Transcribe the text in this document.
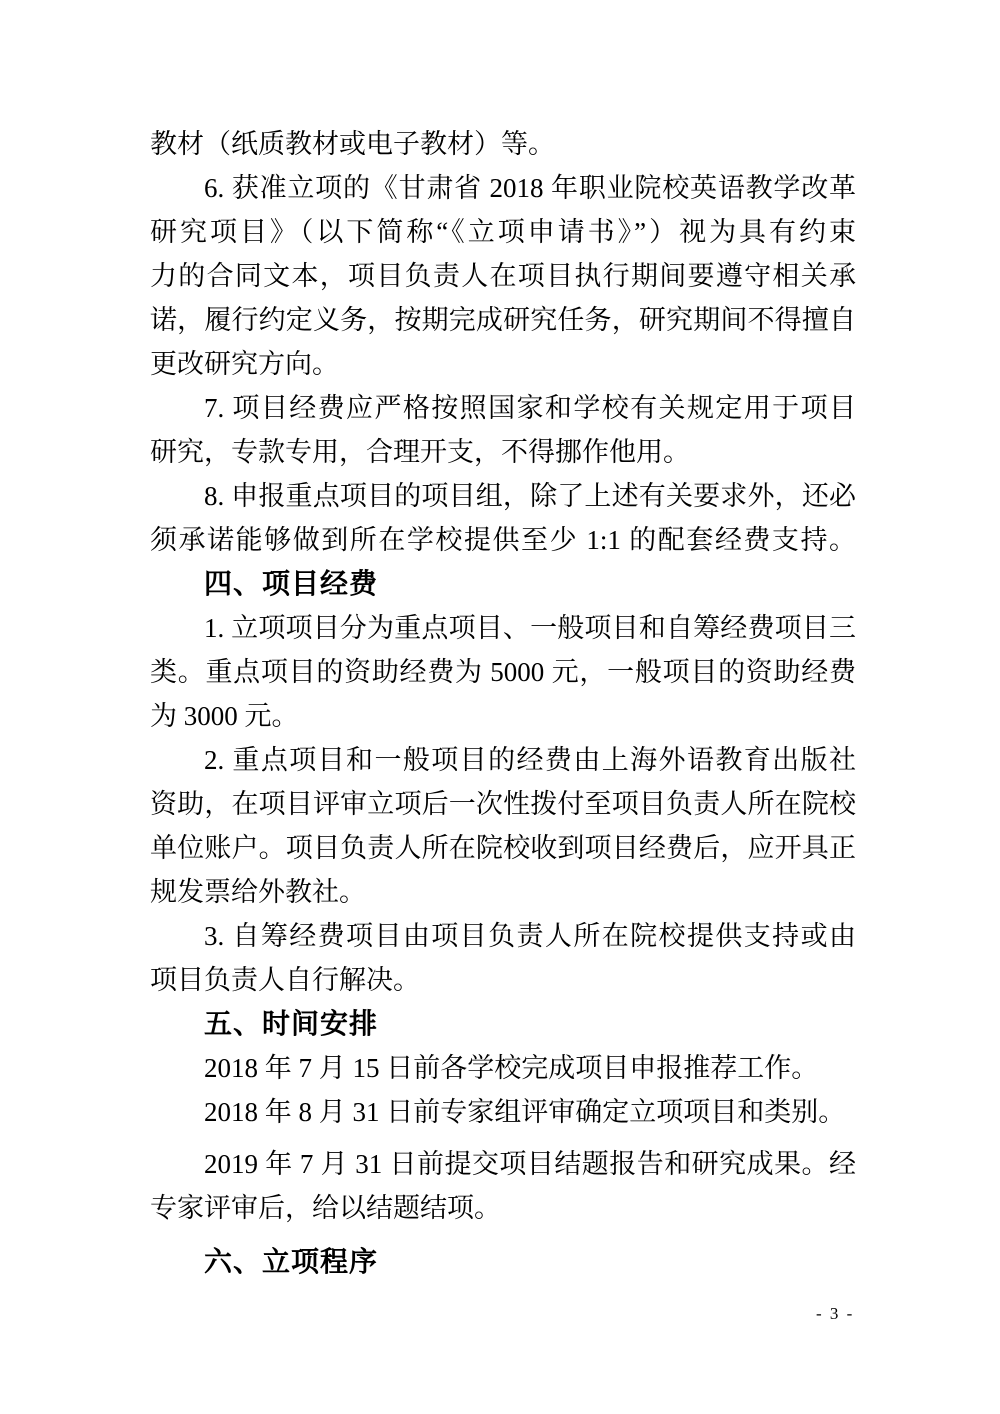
教材（纸质教材或电子教材）等。
6. 获准立项的《甘肃省 2018 年职业院校英语教学改革
研究项目》（以下简称“《立项申请书》”）视为具有约束
力的合同文本，项目负责人在项目执行期间要遵守相关承
诺，履行约定义务，按期完成研究任务，研究期间不得擅自
更改研究方向。
7. 项目经费应严格按照国家和学校有关规定用于项目
研究，专款专用，合理开支，不得挪作他用。
8. 申报重点项目的项目组，除了上述有关要求外，还必
须承诺能够做到所在学校提供至少 1:1 的配套经费支持。
四、项目经费
1. 立项项目分为重点项目、一般项目和自筹经费项目三
类。重点项目的资助经费为 5000 元，一般项目的资助经费
为 3000 元。
2. 重点项目和一般项目的经费由上海外语教育出版社
资助，在项目评审立项后一次性拨付至项目负责人所在院校
单位账户。项目负责人所在院校收到项目经费后，应开具正
规发票给外教社。
3. 自筹经费项目由项目负责人所在院校提供支持或由
项目负责人自行解决。
五、时间安排
2018 年 7 月 15 日前各学校完成项目申报推荐工作。
2018 年 8 月 31 日前专家组评审确定立项项目和类别。
2019 年 7 月 31 日前提交项目结题报告和研究成果。经
专家评审后，给以结题结项。
六、立项程序
- 3 -
